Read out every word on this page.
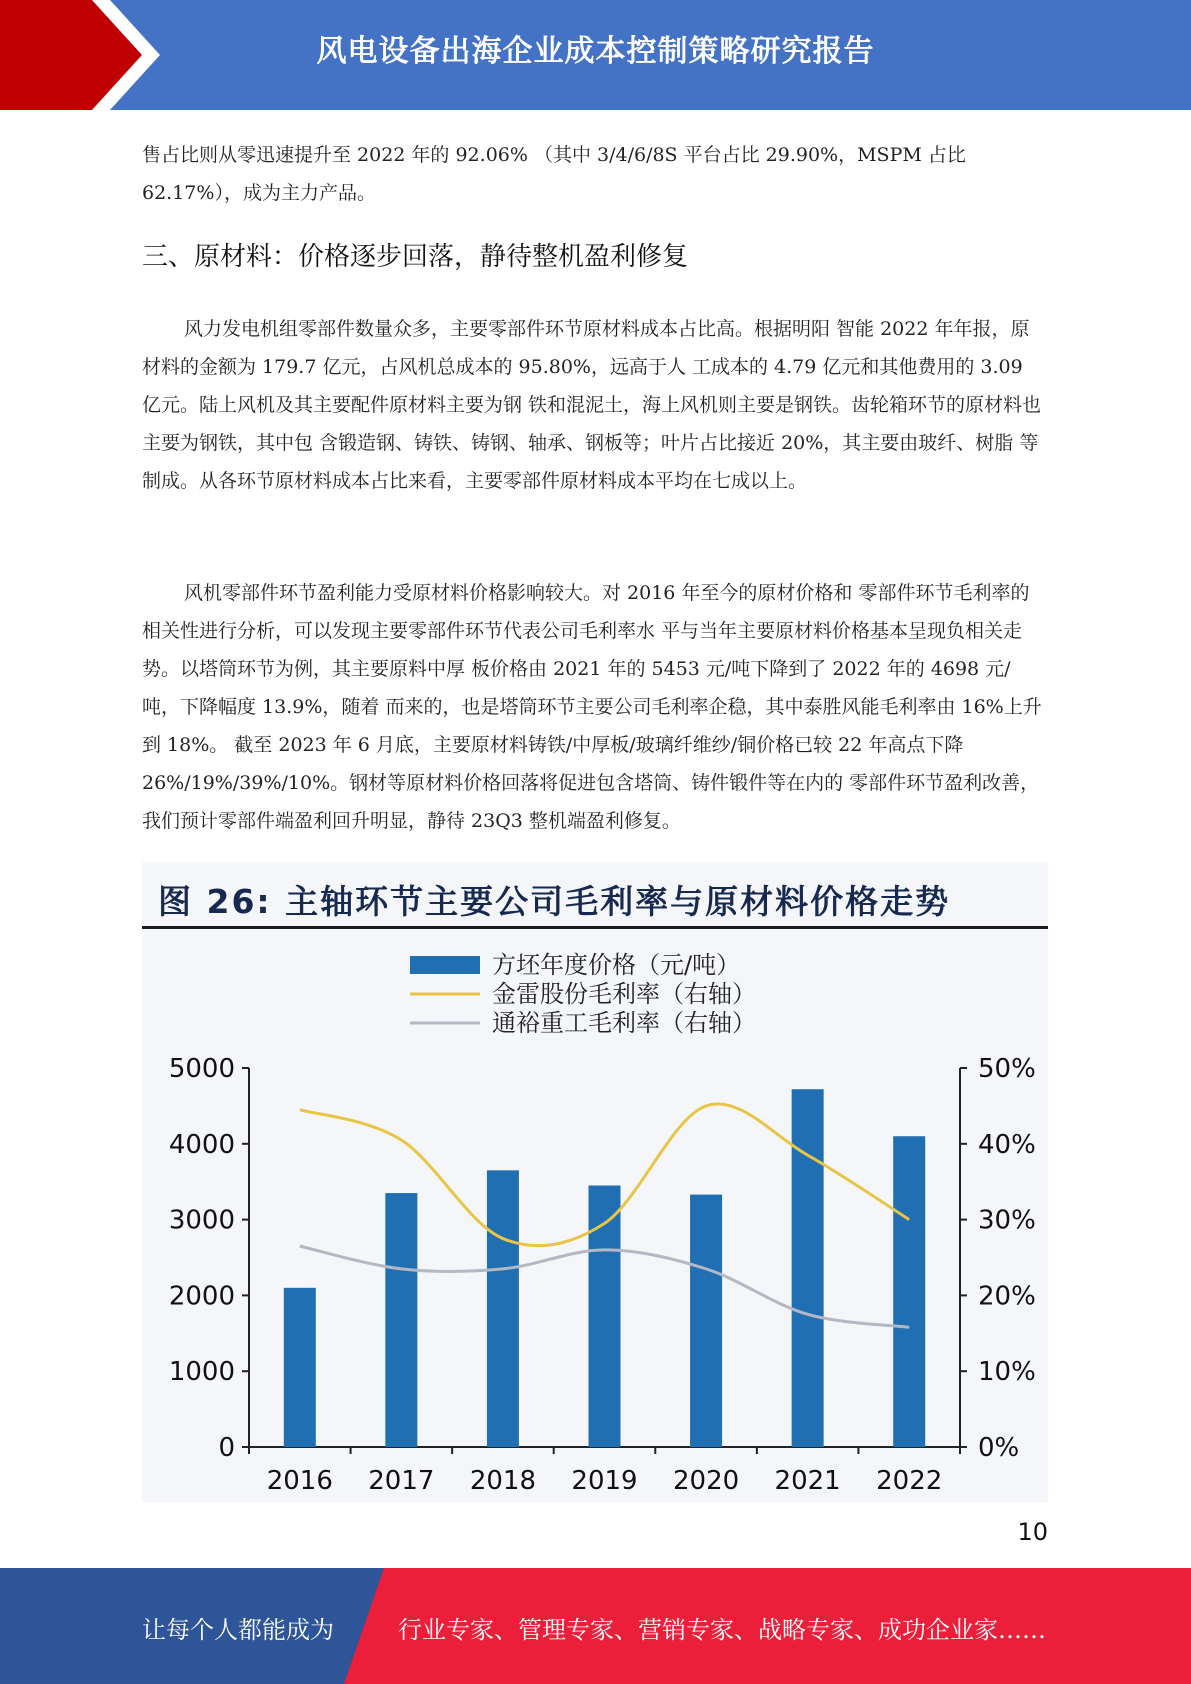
风电设备出海企业成本控制策略研究报告

售占比则从零迅速提升至 2022 年的 92.06% （其中 3/4/6/8S 平台占比 29.90%，MSPM 占比 62.17%），成为主力产品。

三、原材料：价格逐步回落，静待整机盈利修复

风力发电机组零部件数量众多，主要零部件环节原材料成本占比高。根据明阳 智能 2022 年年报，原材料的金额为 179.7 亿元，占风机总成本的 95.80%，远高于人 工成本的 4.79 亿元和其他费用的 3.09 亿元。陆上风机及其主要配件原材料主要为钢 铁和混泥土，海上风机则主要是钢铁。齿轮箱环节的原材料也主要为钢铁，其中包 含锻造钢、铸铁、铸钢、轴承、钢板等；叶片占比接近 20%，其主要由玻纤、树脂 等制成。从各环节原材料成本占比来看，主要零部件原材料成本平均在七成以上。

风机零部件环节盈利能力受原材料价格影响较大。对 2016 年至今的原材价格和 零部件环节毛利率的相关性进行分析，可以发现主要零部件环节代表公司毛利率水 平与当年主要原材料价格基本呈现负相关走势。以塔筒环节为例，其主要原料中厚 板价格由 2021 年的 5453 元/吨下降到了 2022 年的 4698 元/吨，下降幅度 13.9%，随着 而来的，也是塔筒环节主要公司毛利率企稳，其中泰胜风能毛利率由 16%上升到 18%。 截至 2023 年 6 月底，主要原材料铸铁/中厚板/玻璃纤维纱/铜价格已较 22 年高点下降 26%/19%/39%/10%。钢材等原材料价格回落将促进包含塔筒、铸件锻件等在内的 零部件环节盈利改善，我们预计零部件端盈利回升明显，静待 23Q3 整机端盈利修复。

图 26: 主轴环节主要公司毛利率与原材料价格走势
方坯年度价格（元/吨）
金雷股份毛利率（右轴）
通裕重工毛利率（右轴）
0
1000
2000
3000
4000
5000
0%
10%
20%
30%
40%
50%
2016 2017 2018 2019 2020 2021 2022
10
让每个人都能成为	行业专家、管理专家、营销专家、战略专家、成功企业家……
